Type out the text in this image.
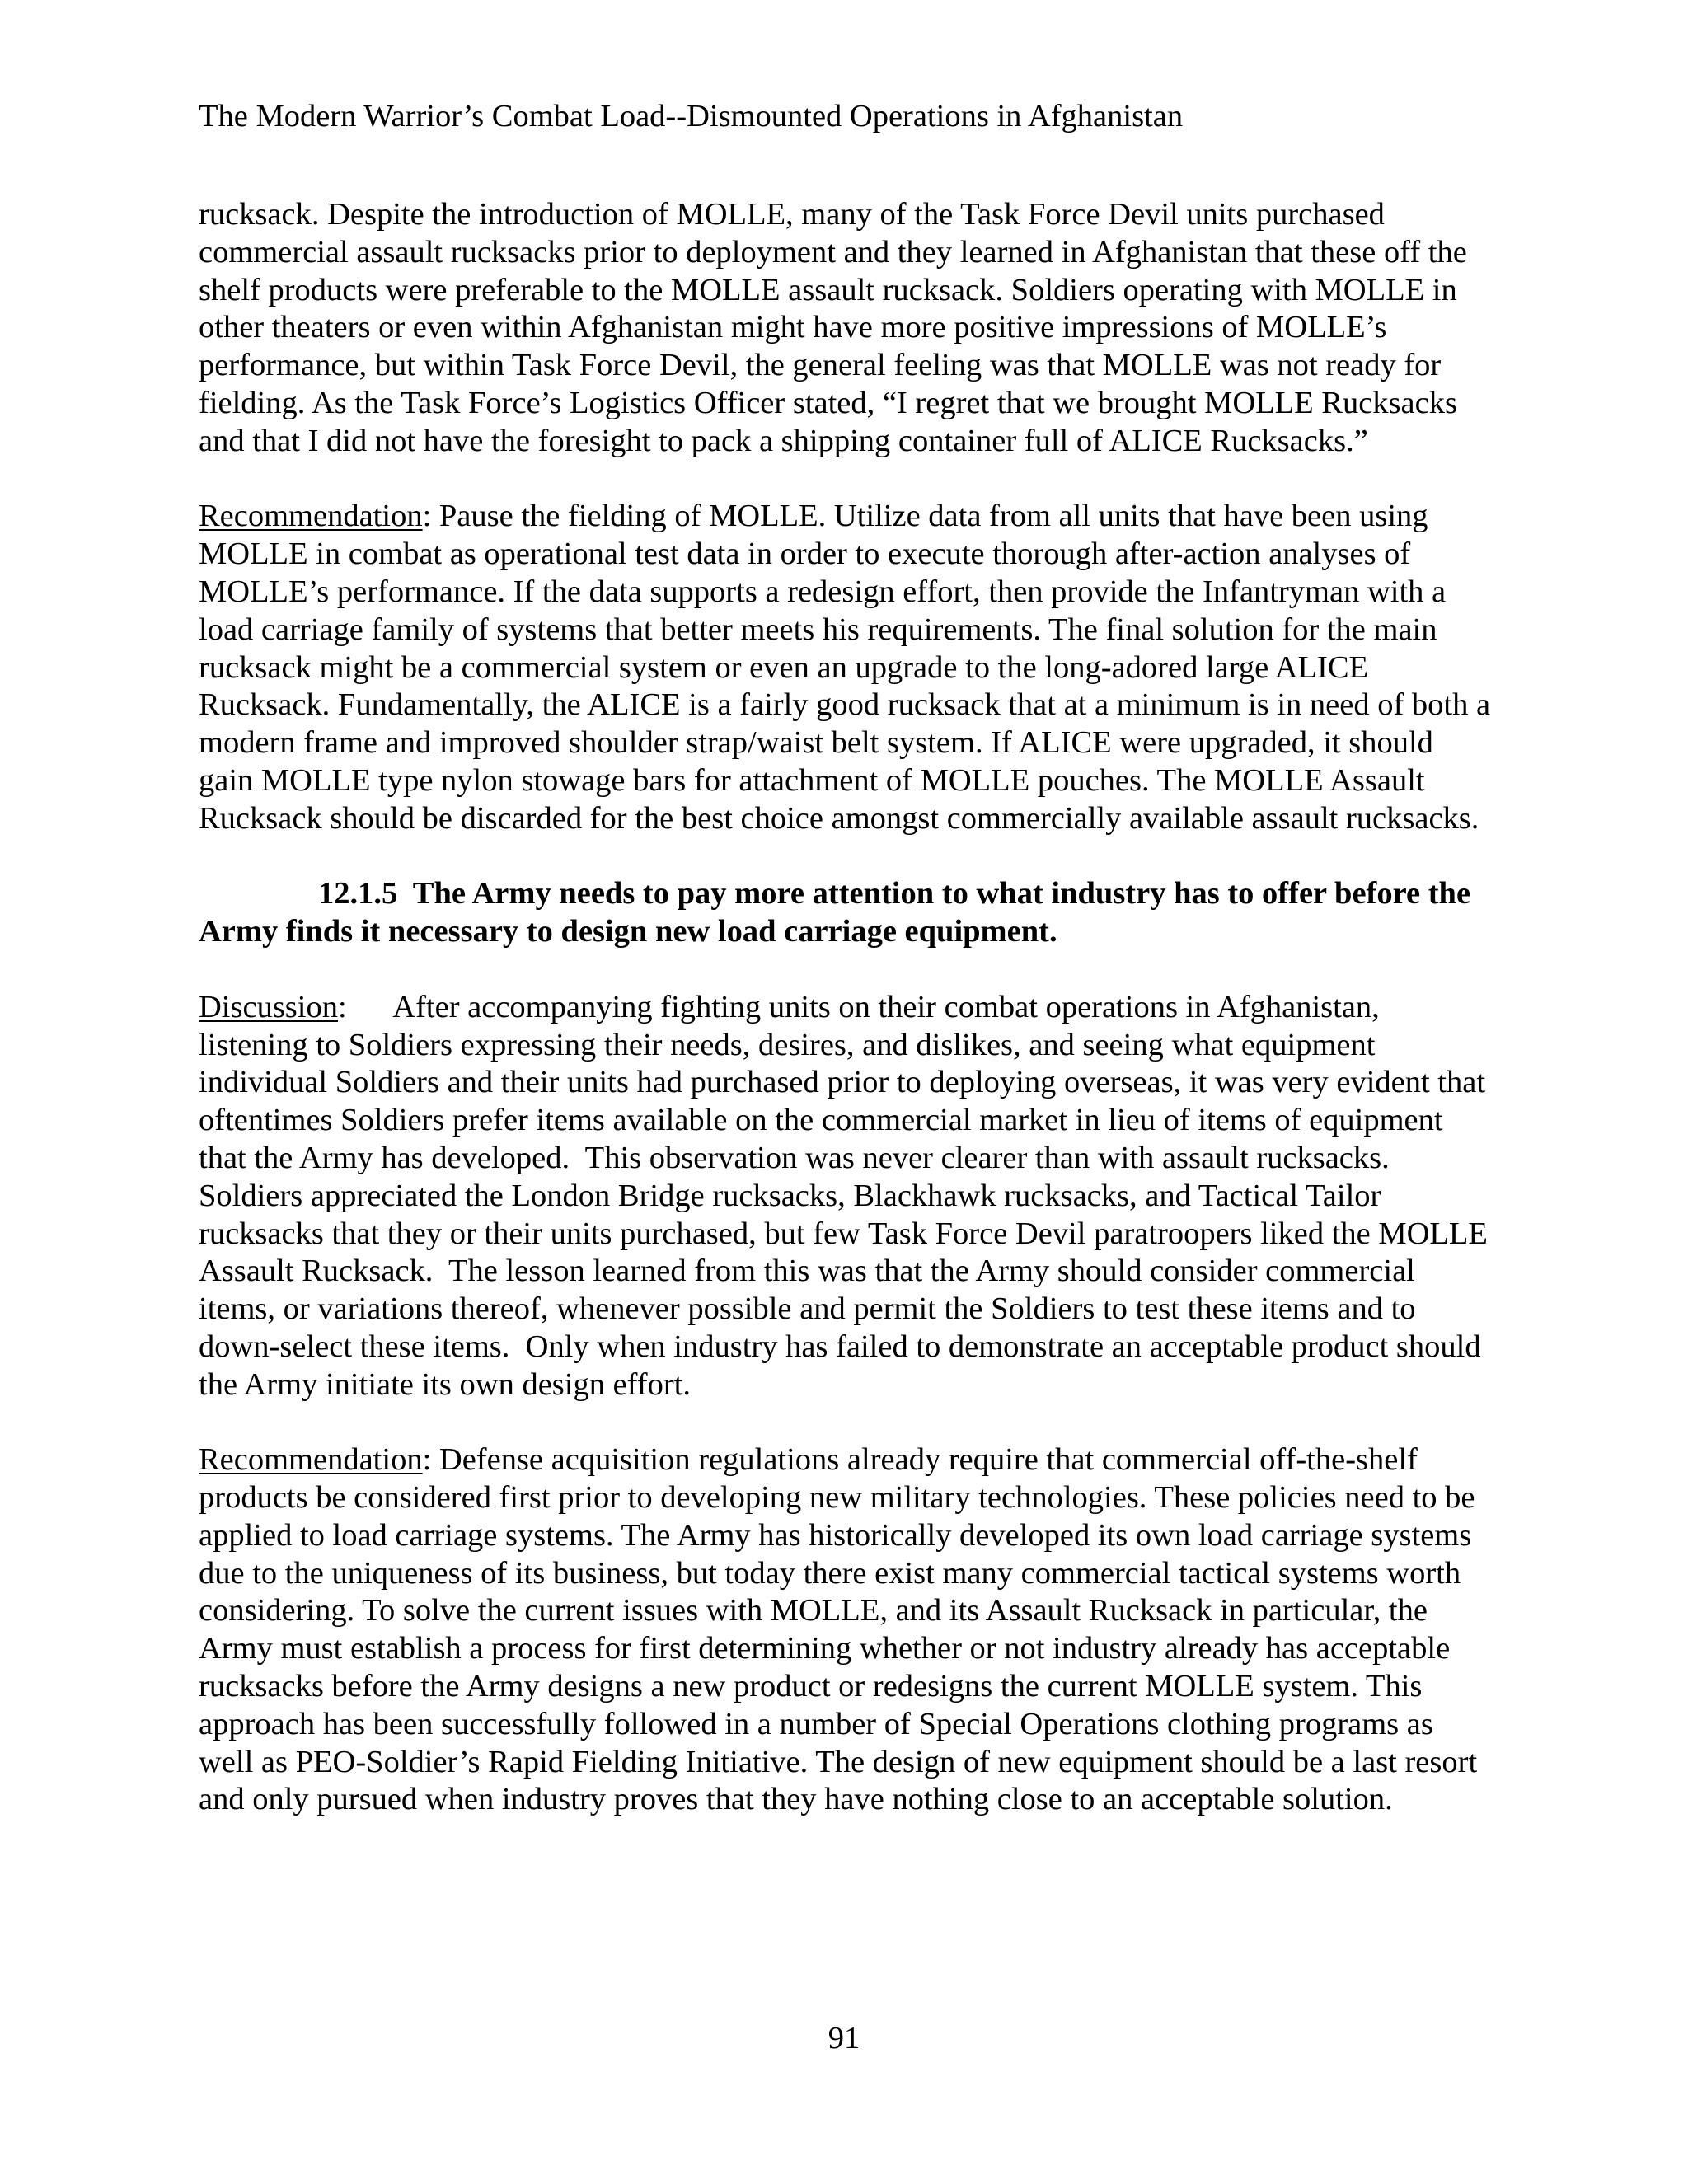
The Modern Warrior’s Combat Load--Dismounted Operations in Afghanistan

rucksack. Despite the introduction of MOLLE, many of the Task Force Devil units purchased commercial assault rucksacks prior to deployment and they learned in Afghanistan that these off the shelf products were preferable to the MOLLE assault rucksack. Soldiers operating with MOLLE in other theaters or even within Afghanistan might have more positive impressions of MOLLE’s performance, but within Task Force Devil, the general feeling was that MOLLE was not ready for fielding. As the Task Force’s Logistics Officer stated, “I regret that we brought MOLLE Rucksacks and that I did not have the foresight to pack a shipping container full of ALICE Rucksacks.”

Recommendation: Pause the fielding of MOLLE. Utilize data from all units that have been using MOLLE in combat as operational test data in order to execute thorough after-action analyses of MOLLE’s performance. If the data supports a redesign effort, then provide the Infantryman with a load carriage family of systems that better meets his requirements. The final solution for the main rucksack might be a commercial system or even an upgrade to the long-adored large ALICE Rucksack. Fundamentally, the ALICE is a fairly good rucksack that at a minimum is in need of both a modern frame and improved shoulder strap/waist belt system. If ALICE were upgraded, it should gain MOLLE type nylon stowage bars for attachment of MOLLE pouches. The MOLLE Assault Rucksack should be discarded for the best choice amongst commercially available assault rucksacks.

12.1.5  The Army needs to pay more attention to what industry has to offer before the Army finds it necessary to design new load carriage equipment.

Discussion:      After accompanying fighting units on their combat operations in Afghanistan, listening to Soldiers expressing their needs, desires, and dislikes, and seeing what equipment individual Soldiers and their units had purchased prior to deploying overseas, it was very evident that oftentimes Soldiers prefer items available on the commercial market in lieu of items of equipment that the Army has developed.  This observation was never clearer than with assault rucksacks.  Soldiers appreciated the London Bridge rucksacks, Blackhawk rucksacks, and Tactical Tailor rucksacks that they or their units purchased, but few Task Force Devil paratroopers liked the MOLLE Assault Rucksack.  The lesson learned from this was that the Army should consider commercial items, or variations thereof, whenever possible and permit the Soldiers to test these items and to down-select these items.  Only when industry has failed to demonstrate an acceptable product should the Army initiate its own design effort.

Recommendation: Defense acquisition regulations already require that commercial off-the-shelf products be considered first prior to developing new military technologies. These policies need to be applied to load carriage systems. The Army has historically developed its own load carriage systems due to the uniqueness of its business, but today there exist many commercial tactical systems worth considering. To solve the current issues with MOLLE, and its Assault Rucksack in particular, the Army must establish a process for first determining whether or not industry already has acceptable rucksacks before the Army designs a new product or redesigns the current MOLLE system. This approach has been successfully followed in a number of Special Operations clothing programs as well as PEO-Soldier’s Rapid Fielding Initiative. The design of new equipment should be a last resort and only pursued when industry proves that they have nothing close to an acceptable solution.

91
